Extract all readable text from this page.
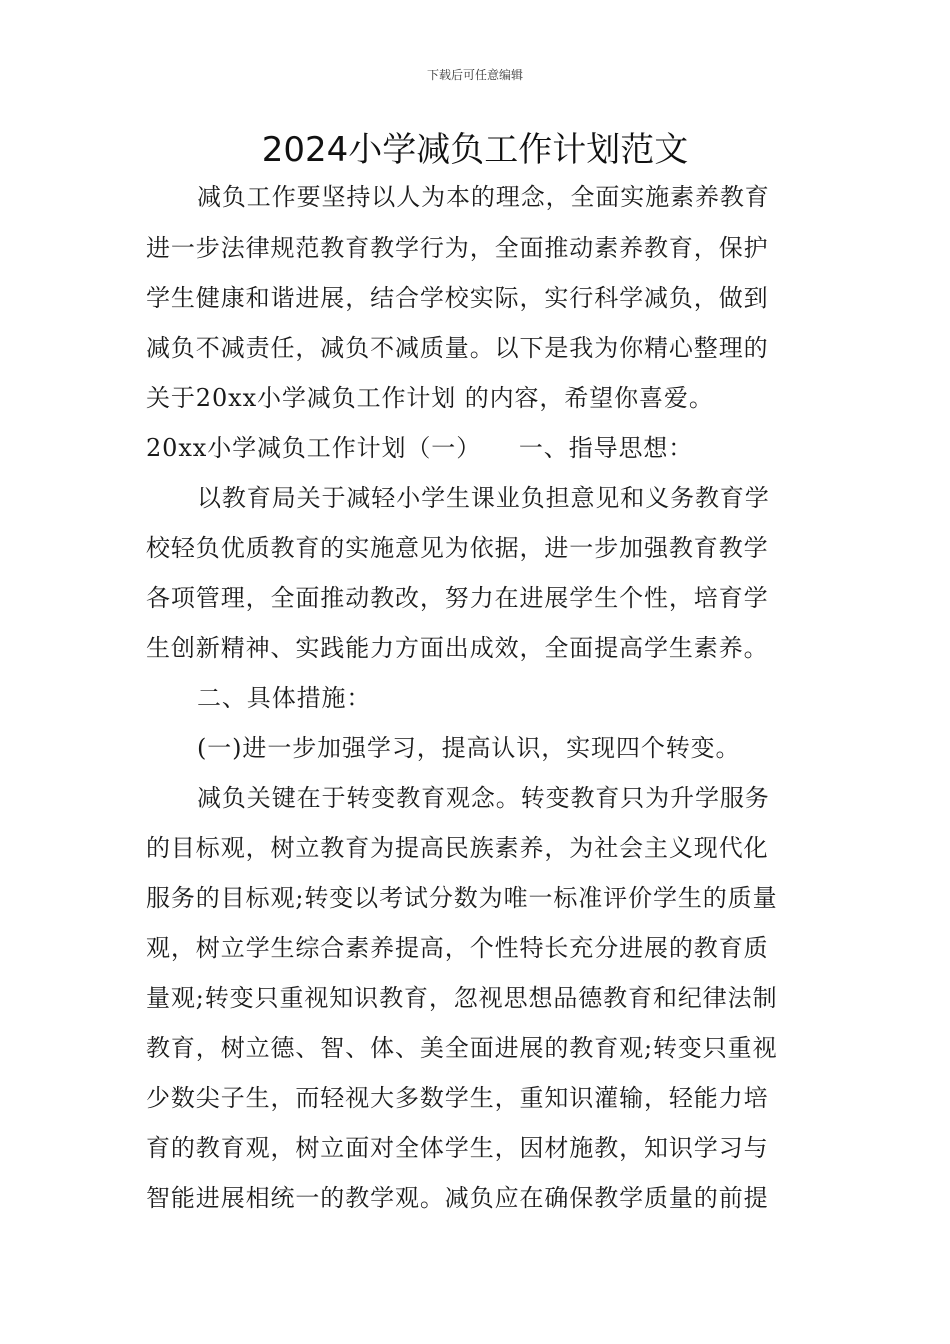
下载后可任意编辑
2024小学减负工作计划范文
减负工作要坚持以人为本的理念，全面实施素养教育
进一步法律规范教育教学行为，全面推动素养教育，保护
学生健康和谐进展，结合学校实际，实行科学减负，做到
减负不减责任，减负不减质量。以下是我为你精心整理的
关于20xx小学减负工作计划 的内容，希望你喜爱。
20xx小学减负工作计划（一）　　一、指导思想：
以教育局关于减轻小学生课业负担意见和义务教育学
校轻负优质教育的实施意见为依据，进一步加强教育教学
各项管理，全面推动教改，努力在进展学生个性，培育学
生创新精神、实践能力方面出成效，全面提高学生素养。
二、具体措施：
(一)进一步加强学习，提高认识，实现四个转变。
减负关键在于转变教育观念。转变教育只为升学服务
的目标观，树立教育为提高民族素养，为社会主义现代化
服务的目标观;转变以考试分数为唯一标准评价学生的质量
观，树立学生综合素养提高，个性特长充分进展的教育质
量观;转变只重视知识教育，忽视思想品德教育和纪律法制
教育，树立德、智、体、美全面进展的教育观;转变只重视
少数尖子生，而轻视大多数学生，重知识灌输，轻能力培
育的教育观，树立面对全体学生，因材施教，知识学习与
智能进展相统一的教学观。减负应在确保教学质量的前提
